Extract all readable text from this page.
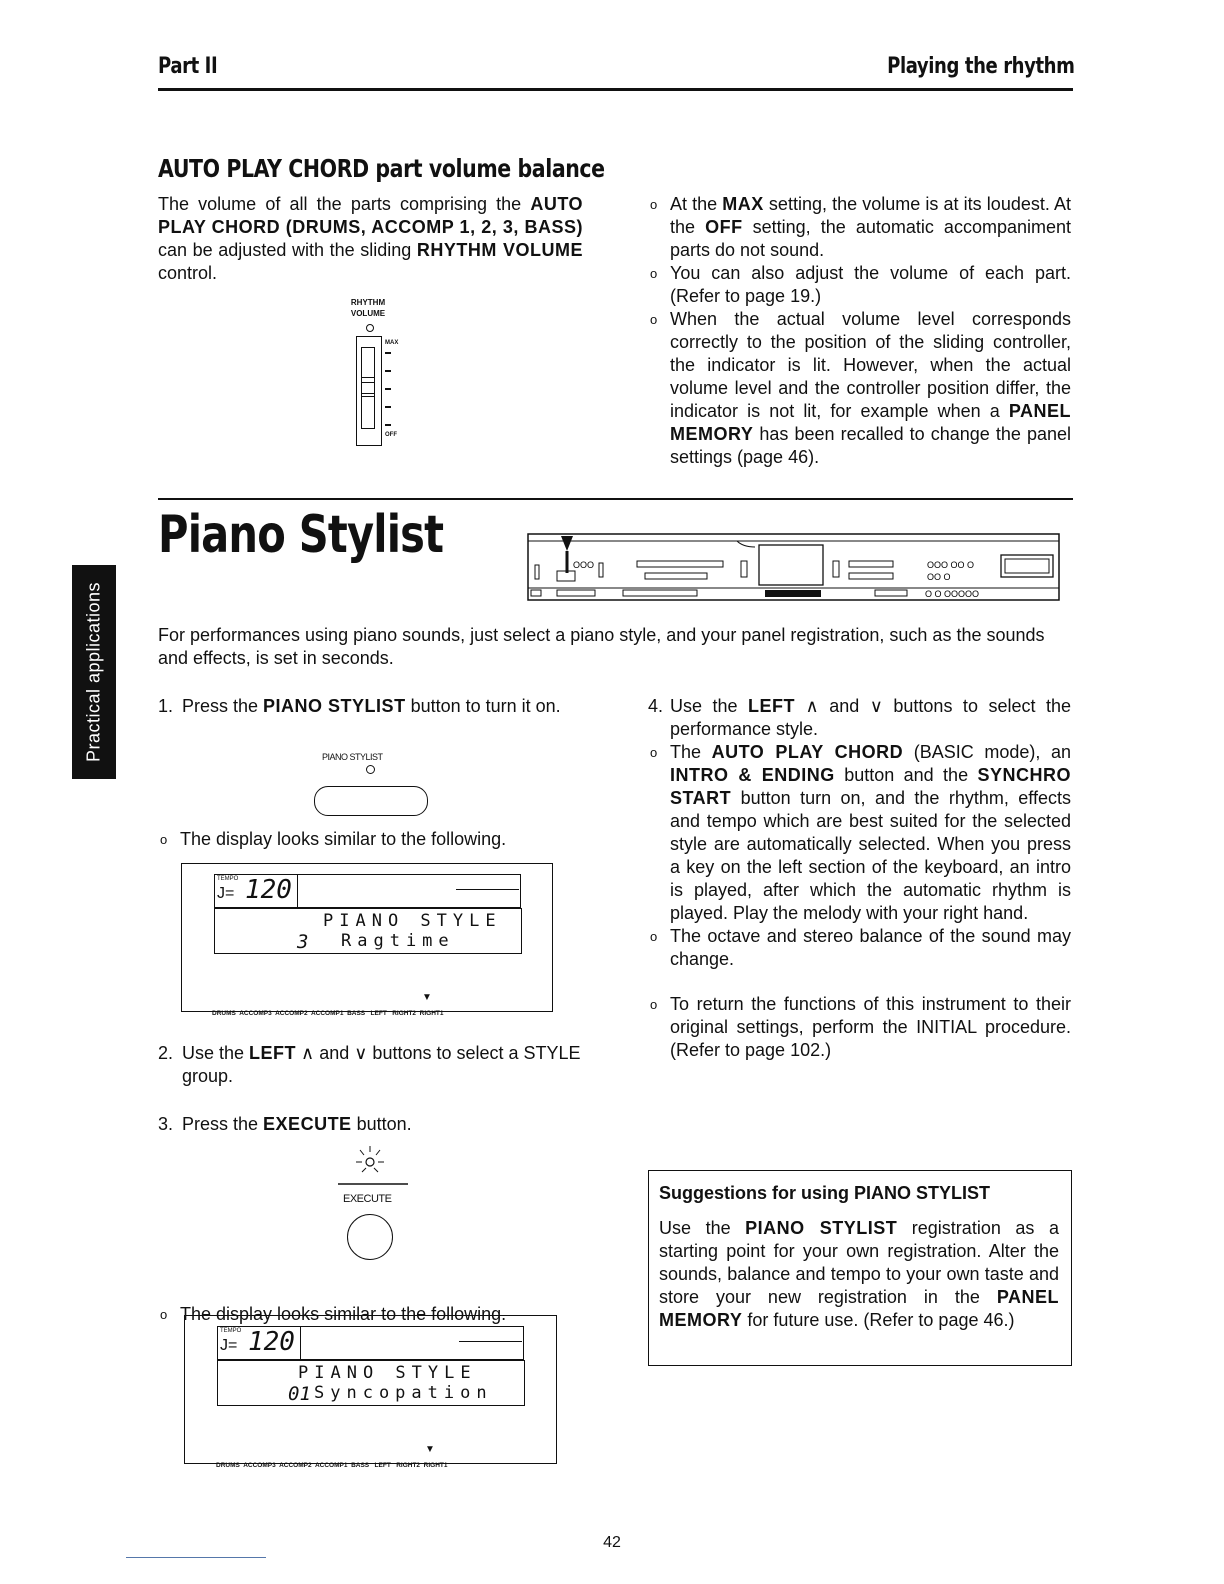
Part II	Playing the rhythm
Practical applications
AUTO PLAY CHORD part volume balance
The volume of all the parts comprising the AUTO PLAY CHORD (DRUMS, ACCOMP 1, 2, 3, BASS) can be adjusted with the sliding RHYTHM VOLUME control.
RHYTHM
VOLUME
MAX
OFF
o At the MAX setting, the volume is at its loudest. At the OFF setting, the automatic accompaniment parts do not sound.
o You can also adjust the volume of each part. (Refer to page 19.)
o When the actual volume level corresponds correctly to the position of the sliding controller, the indicator is lit. However, when the actual volume level and the controller position differ, the indicator is not lit, for example when a PANEL MEMORY has been recalled to change the panel settings (page 46).
Piano Stylist	OOO	OOO OO O
OO O
O O OOOOO
For performances using piano sounds, just select a piano style, and your panel registration, such as the sounds and effects, is set in seconds.
1. Press the PIANO STYLIST button to turn it on.
PIANO STYLIST
o The display looks similar to the following.
TEMPO
J= 120
PIANO STYLE
3 Ragtime
▼
DRUMS  ACCOMP3  ACCOMP2  ACCOMP1  BASS   LEFT   RIGHT2  RIGHT1
2. Use the LEFT ∧ and ∨ buttons to select a STYLE group.
3. Press the EXECUTE button.
EXECUTE
o The display looks similar to the following.
TEMPO
J= 120
PIANO STYLE
01 Syncopation
▼
DRUMS  ACCOMP3  ACCOMP2  ACCOMP1  BASS   LEFT   RIGHT2  RIGHT1
4. Use the LEFT ∧ and ∨ buttons to select the performance style.
o The AUTO PLAY CHORD (BASIC mode), an INTRO & ENDING button and the SYNCHRO START button turn on, and the rhythm, effects and tempo which are best suited for the selected style are automatically selected. When you press a key on the left section of the keyboard, an intro is played, after which the automatic rhythm is played. Play the melody with your right hand.
o The octave and stereo balance of the sound may change.
o To return the functions of this instrument to their original settings, perform the INITIAL procedure. (Refer to page 102.)
Suggestions for using PIANO STYLIST
Use the PIANO STYLIST registration as a starting point for your own registration. Alter the sounds, balance and tempo to your own taste and store your new registration in the PANEL MEMORY for future use. (Refer to page 46.)
42
